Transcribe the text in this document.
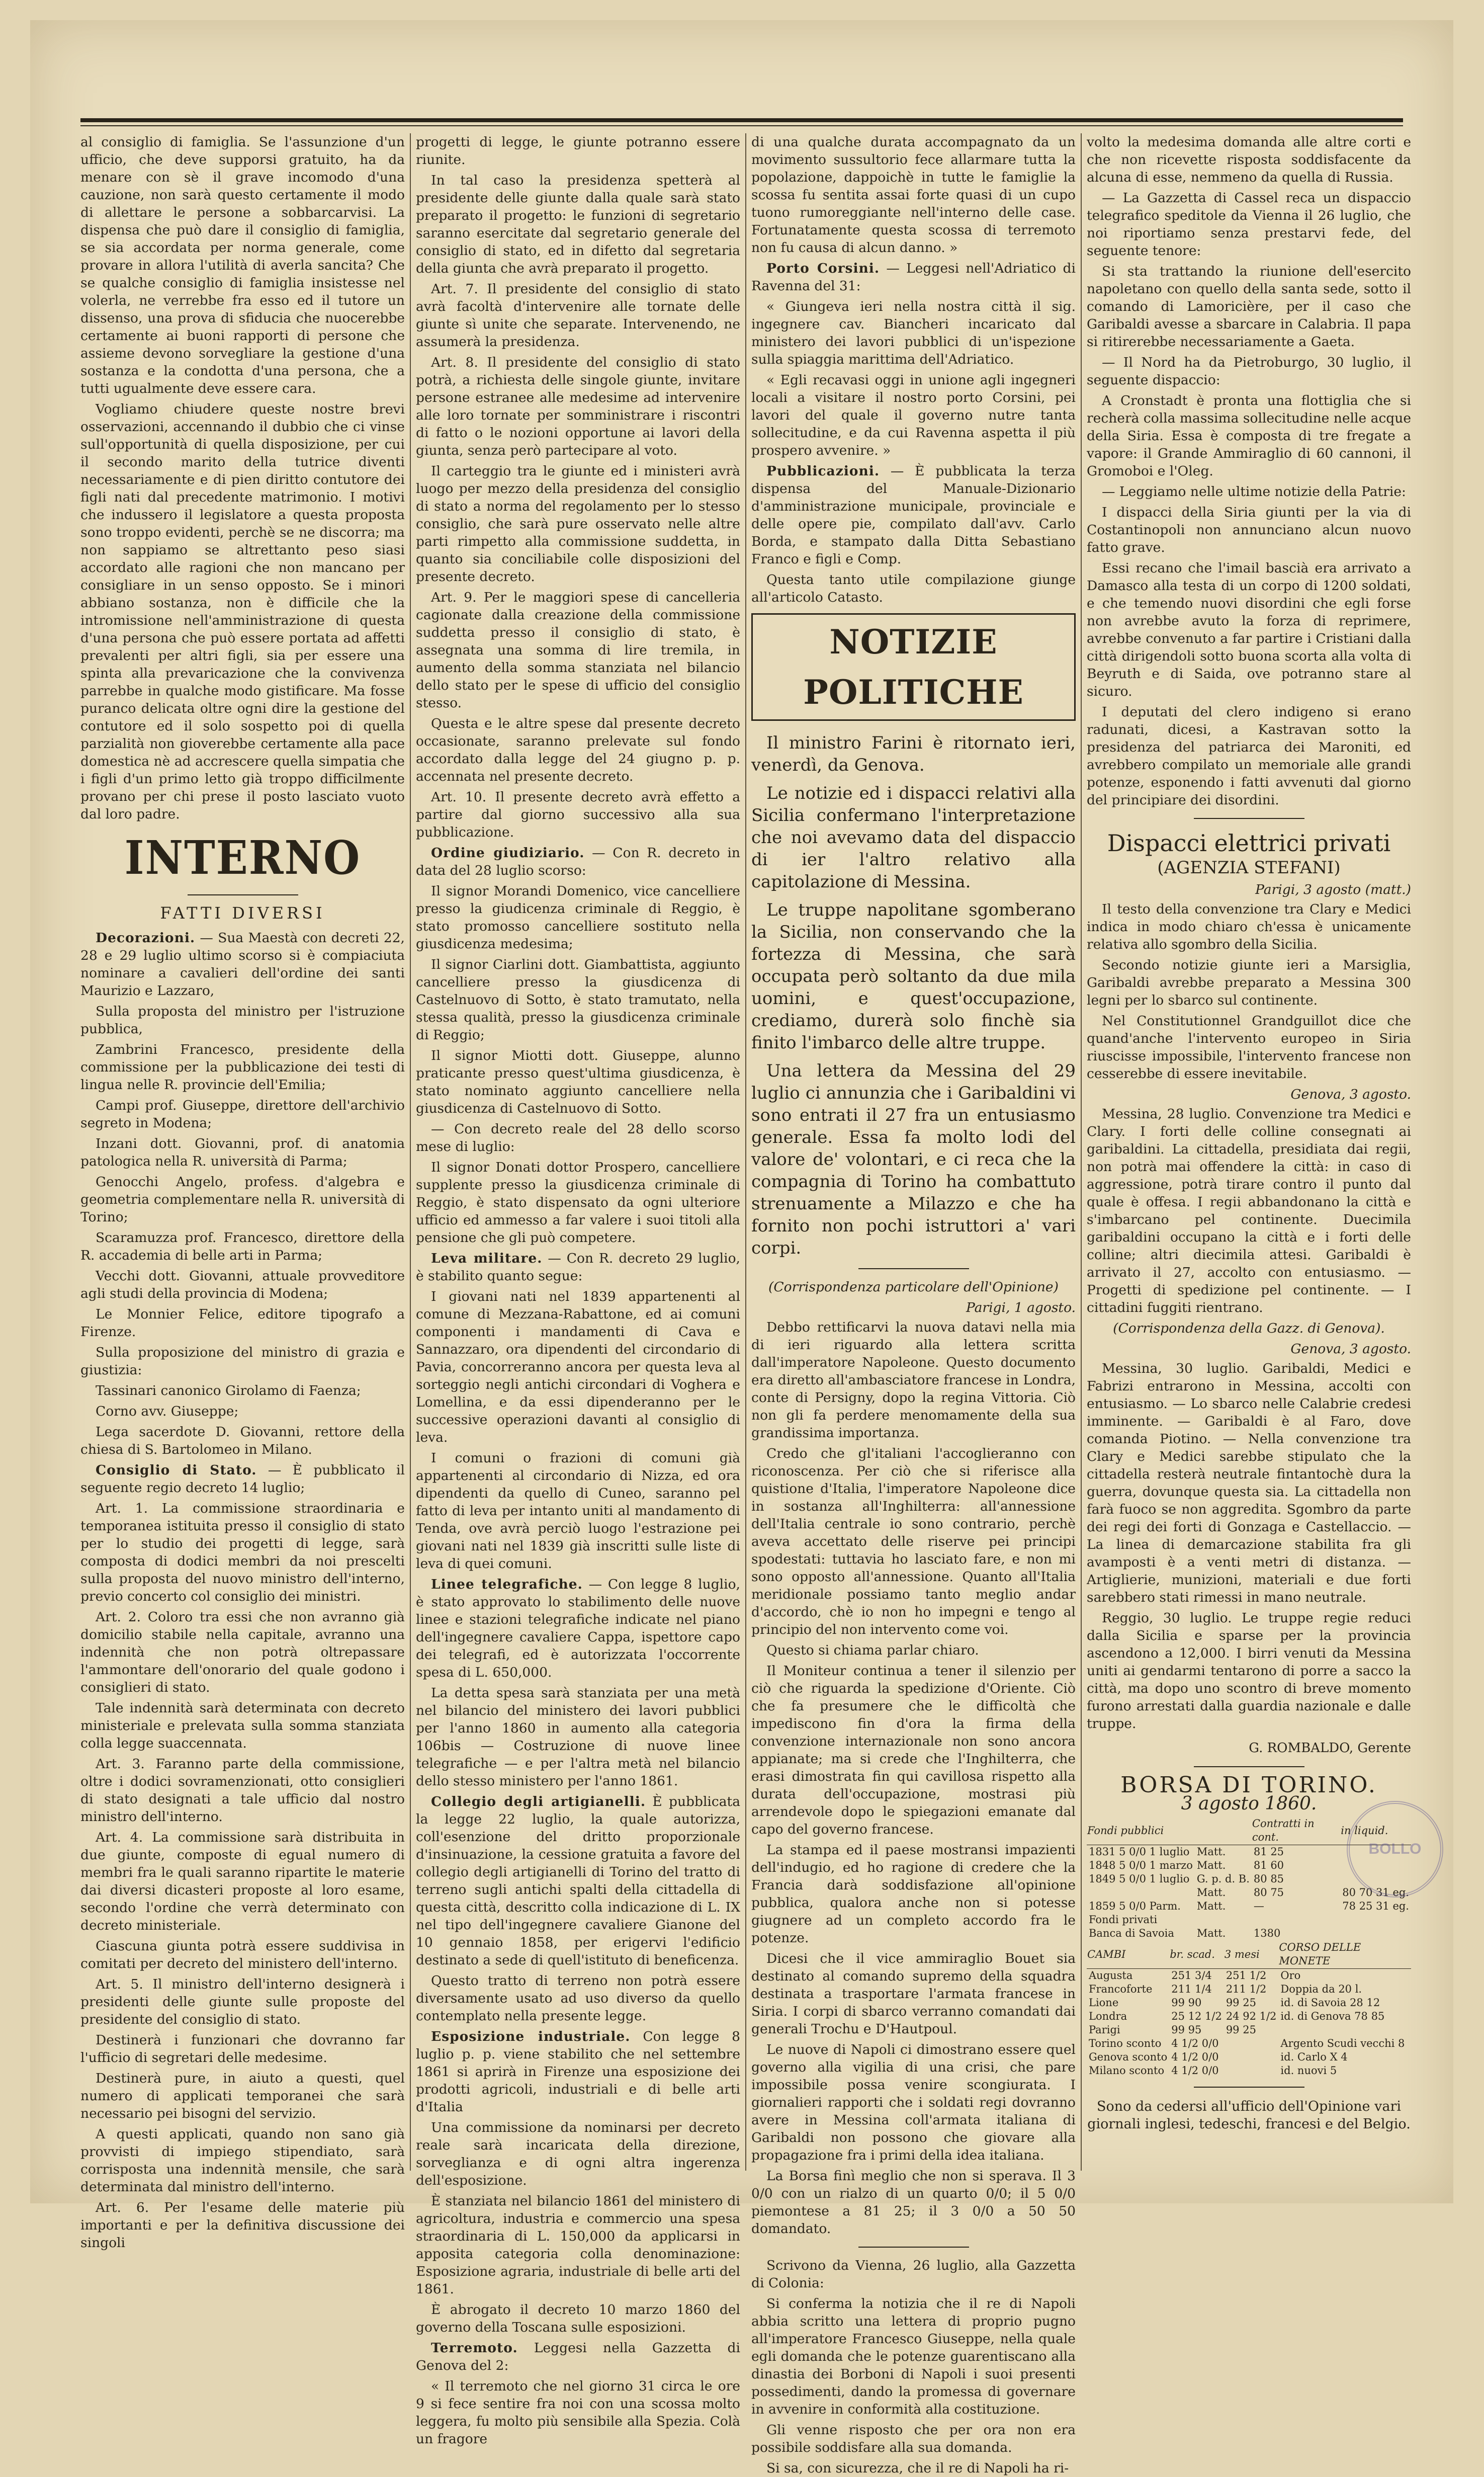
al consiglio di famiglia. Se l'assunzione d'un ufficio, che deve supporsi gratuito, ha da menare con sè il grave incomodo d'una cauzione, non sarà questo certamente il modo di allettare le persone a sobbarcarvisi. La dispensa che può dare il consiglio di famiglia, se sia accordata per norma generale, come provare in allora l'utilità di averla sancita? Che se qualche consiglio di famiglia insistesse nel volerla, ne verrebbe fra esso ed il tutore un dissenso, una prova di sfiducia che nuocerebbe certamente ai buoni rapporti di persone che assieme devono sorvegliare la gestione d'una sostanza e la condotta d'una persona, che a tutti ugualmente deve essere cara.

Vogliamo chiudere queste nostre brevi osservazioni, accennando il dubbio che ci vinse sull'opportunità di quella disposizione, per cui il secondo marito della tutrice diventi necessariamente e di pien diritto contutore dei figli nati dal precedente matrimonio. I motivi che indussero il legislatore a questa proposta sono troppo evidenti, perchè se ne discorra; ma non sappiamo se altrettanto peso siasi accordato alle ragioni che non mancano per consigliare in un senso opposto. Se i minori abbiano sostanza, non è difficile che la intromissione nell'amministrazione di questa d'una persona che può essere portata ad affetti prevalenti per altri figli, sia per essere una spinta alla prevaricazione che la convivenza parrebbe in qualche modo gistificare. Ma fosse puranco delicata oltre ogni dire la gestione del contutore ed il solo sospetto poi di quella parzialità non gioverebbe certamente alla pace domestica nè ad accrescere quella simpatia che i figli d'un primo letto già troppo difficilmente provano per chi prese il posto lasciato vuoto dal loro padre.

INTERNO
FATTI DIVERSI

Decorazioni. — Sua Maestà con decreti 22, 28 e 29 luglio ultimo scorso si è compiaciuta nominare a cavalieri dell'ordine dei santi Maurizio e Lazzaro,

Sulla proposta del ministro per l'istruzione pubblica,

Zambrini Francesco, presidente della commissione per la pubblicazione dei testi di lingua nelle R. provincie dell'Emilia;

Campi prof. Giuseppe, direttore dell'archivio segreto in Modena;

Inzani dott. Giovanni, prof. di anatomia patologica nella R. università di Parma;

Genocchi Angelo, profess. d'algebra e geometria complementare nella R. università di Torino;

Scaramuzza prof. Francesco, direttore della R. accademia di belle arti in Parma;

Vecchi dott. Giovanni, attuale provveditore agli studi della provincia di Modena;

Le Monnier Felice, editore tipografo a Firenze.

Sulla proposizione del ministro di grazia e giustizia:

Tassinari canonico Girolamo di Faenza;

Corno avv. Giuseppe;

Lega sacerdote D. Giovanni, rettore della chiesa di S. Bartolomeo in Milano.

Consiglio di Stato. — È pubblicato il seguente regio decreto 14 luglio;

Art. 1. La commissione straordinaria e temporanea istituita presso il consiglio di stato per lo studio dei progetti di legge, sarà composta di dodici membri da noi prescelti sulla proposta del nuovo ministro dell'interno, previo concerto col consiglio dei ministri.

Art. 2. Coloro tra essi che non avranno già domicilio stabile nella capitale, avranno una indennità che non potrà oltrepassare l'ammontare dell'onorario del quale godono i consiglieri di stato.

Tale indennità sarà determinata con decreto ministeriale e prelevata sulla somma stanziata colla legge suaccennata.

Art. 3. Faranno parte della commissione, oltre i dodici sovramenzionati, otto consiglieri di stato designati a tale ufficio dal nostro ministro dell'interno.

Art. 4. La commissione sarà distribuita in due giunte, composte di egual numero di membri fra le quali saranno ripartite le materie dai diversi dicasteri proposte al loro esame, secondo l'ordine che verrà determinato con decreto ministeriale.

Ciascuna giunta potrà essere suddivisa in comitati per decreto del ministero dell'interno.

Art. 5. Il ministro dell'interno designerà i presidenti delle giunte sulle proposte del presidente del consiglio di stato.

Destinerà i funzionari che dovranno far l'ufficio di segretari delle medesime.

Destinerà pure, in aiuto a questi, quel numero di applicati temporanei che sarà necessario pei bisogni del servizio.

A questi applicati, quando non sano già provvisti di impiego stipendiato, sarà corrisposta una indennità mensile, che sarà determinata dal ministro dell'interno.

Art. 6. Per l'esame delle materie più importanti e per la definitiva discussione dei singoli

progetti di legge, le giunte potranno essere riunite.

In tal caso la presidenza spetterà al presidente delle giunte dalla quale sarà stato preparato il progetto: le funzioni di segretario saranno esercitate dal segretario generale del consiglio di stato, ed in difetto dal segretaria della giunta che avrà preparato il progetto.

Art. 7. Il presidente del consiglio di stato avrà facoltà d'intervenire alle tornate delle giunte sì unite che separate. Intervenendo, ne assumerà la presidenza.

Art. 8. Il presidente del consiglio di stato potrà, a richiesta delle singole giunte, invitare persone estranee alle medesime ad intervenire alle loro tornate per somministrare i riscontri di fatto o le nozioni opportune ai lavori della giunta, senza però partecipare al voto.

Il carteggio tra le giunte ed i ministeri avrà luogo per mezzo della presidenza del consiglio di stato a norma del regolamento per lo stesso consiglio, che sarà pure osservato nelle altre parti rimpetto alla commissione suddetta, in quanto sia conciliabile colle disposizioni del presente decreto.

Art. 9. Per le maggiori spese di cancelleria cagionate dalla creazione della commissione suddetta presso il consiglio di stato, è assegnata una somma di lire tremila, in aumento della somma stanziata nel bilancio dello stato per le spese di ufficio del consiglio stesso.

Questa e le altre spese dal presente decreto occasionate, saranno prelevate sul fondo accordato dalla legge del 24 giugno p. p. accennata nel presente decreto.

Art. 10. Il presente decreto avrà effetto a partire dal giorno successivo alla sua pubblicazione.

Ordine giudiziario. — Con R. decreto in data del 28 luglio scorso:

Il signor Morandi Domenico, vice cancelliere presso la giudicenza criminale di Reggio, è stato promosso cancelliere sostituto nella giusdicenza medesima;

Il signor Ciarlini dott. Giambattista, aggiunto cancelliere presso la giusdicenza di Castelnuovo di Sotto, è stato tramutato, nella stessa qualità, presso la giusdicenza criminale di Reggio;

Il signor Miotti dott. Giuseppe, alunno praticante presso quest'ultima giusdicenza, è stato nominato aggiunto cancelliere nella giusdicenza di Castelnuovo di Sotto.

— Con decreto reale del 28 dello scorso mese di luglio:

Il signor Donati dottor Prospero, cancelliere supplente presso la giusdicenza criminale di Reggio, è stato dispensato da ogni ulteriore ufficio ed ammesso a far valere i suoi titoli alla pensione che gli può competere.

Leva militare. — Con R. decreto 29 luglio, è stabilito quanto segue:

I giovani nati nel 1839 appartenenti al comune di Mezzana-Rabattone, ed ai comuni componenti i mandamenti di Cava e Sannazzaro, ora dipendenti del circondario di Pavia, concorreranno ancora per questa leva al sorteggio negli antichi circondari di Voghera e Lomellina, e da essi dipenderanno per le successive operazioni davanti al consiglio di leva.

I comuni o frazioni di comuni già appartenenti al circondario di Nizza, ed ora dipendenti da quello di Cuneo, saranno pel fatto di leva per intanto uniti al mandamento di Tenda, ove avrà perciò luogo l'estrazione pei giovani nati nel 1839 già inscritti sulle liste di leva di quei comuni.

Linee telegrafiche. — Con legge 8 luglio, è stato approvato lo stabilimento delle nuove linee e stazioni telegrafiche indicate nel piano dell'ingegnere cavaliere Cappa, ispettore capo dei telegrafi, ed è autorizzata l'occorrente spesa di L. 650,000.

La detta spesa sarà stanziata per una metà nel bilancio del ministero dei lavori pubblici per l'anno 1860 in aumento alla categoria 106bis — Costruzione di nuove linee telegrafiche — e per l'altra metà nel bilancio dello stesso ministero per l'anno 1861.

Collegio degli artigianelli. È pubblicata la legge 22 luglio, la quale autorizza, coll'esenzione del dritto proporzionale d'insinuazione, la cessione gratuita a favore del collegio degli artigianelli di Torino del tratto di terreno sugli antichi spalti della cittadella di questa città, descritto colla indicazione di L. IX nel tipo dell'ingegnere cavaliere Gianone del 10 gennaio 1858, per erigervi l'edificio destinato a sede di quell'istituto di beneficenza.

Questo tratto di terreno non potrà essere diversamente usato ad uso diverso da quello contemplato nella presente legge.

Esposizione industriale. Con legge 8 luglio p. p. viene stabilito che nel settembre 1861 si aprirà in Firenze una esposizione dei prodotti agricoli, industriali e di belle arti d'Italia

Una commissione da nominarsi per decreto reale sarà incaricata della direzione, sorveglianza e di ogni altra ingerenza dell'esposizione.

È stanziata nel bilancio 1861 del ministero di agricoltura, industria e commercio una spesa straordinaria di L. 150,000 da applicarsi in apposita categoria colla denominazione: Esposizione agraria, industriale di belle arti del 1861.

È abrogato il decreto 10 marzo 1860 del governo della Toscana sulle esposizioni.

Terremoto. Leggesi nella Gazzetta di Genova del 2:

« Il terremoto che nel giorno 31 circa le ore 9 si fece sentire fra noi con una scossa molto leggera, fu molto più sensibile alla Spezia. Colà un fragore

di una qualche durata accompagnato da un movimento sussultorio fece allarmare tutta la popolazione, dappoichè in tutte le famiglie la scossa fu sentita assai forte quasi di un cupo tuono rumoreggiante nell'interno delle case. Fortunatamente questa scossa di terremoto non fu causa di alcun danno. »

Porto Corsini. — Leggesi nell'Adriatico di Ravenna del 31:

« Giungeva ieri nella nostra città il sig. ingegnere cav. Biancheri incaricato dal ministero dei lavori pubblici di un'ispezione sulla spiaggia marittima dell'Adriatico.

« Egli recavasi oggi in unione agli ingegneri locali a visitare il nostro porto Corsini, pei lavori del quale il governo nutre tanta sollecitudine, e da cui Ravenna aspetta il più prospero avvenire. »

Pubblicazioni. — È pubblicata la terza dispensa del Manuale-Dizionario d'amministrazione municipale, provinciale e delle opere pie, compilato dall'avv. Carlo Borda, e stampato dalla Ditta Sebastiano Franco e figli e Comp.

Questa tanto utile compilazione giunge all'articolo Catasto.

NOTIZIE POLITICHE

Il ministro Farini è ritornato ieri, venerdì, da Genova.

Le notizie ed i dispacci relativi alla Sicilia confermano l'interpretazione che noi avevamo data del dispaccio di ier l'altro relativo alla capitolazione di Messina.

Le truppe napolitane sgomberano la Sicilia, non conservando che la fortezza di Messina, che sarà occupata però soltanto da due mila uomini, e quest'occupazione, crediamo, durerà solo finchè sia finito l'imbarco delle altre truppe.

Una lettera da Messina del 29 luglio ci annunzia che i Garibaldini vi sono entrati il 27 fra un entusiasmo generale. Essa fa molto lodi del valore de' volontari, e ci reca che la compagnia di Torino ha combattuto strenuamente a Milazzo e che ha fornito non pochi istruttori a' vari corpi.

(Corrispondenza particolare dell'Opinione)
Parigi, 1 agosto.

Debbo rettificarvi la nuova datavi nella mia di ieri riguardo alla lettera scritta dall'imperatore Napoleone. Questo documento era diretto all'ambasciatore francese in Londra, conte di Persigny, dopo la regina Vittoria. Ciò non gli fa perdere menomamente della sua grandissima importanza.

Credo che gl'italiani l'accoglieranno con riconoscenza. Per ciò che si riferisce alla quistione d'Italia, l'imperatore Napoleone dice in sostanza all'Inghilterra: all'annessione dell'Italia centrale io sono contrario, perchè aveva accettato delle riserve pei principi spodestati: tuttavia ho lasciato fare, e non mi sono opposto all'annessione. Quanto all'Italia meridionale possiamo tanto meglio andar d'accordo, chè io non ho impegni e tengo al principio del non intervento come voi.

Questo si chiama parlar chiaro.

Il Moniteur continua a tener il silenzio per ciò che riguarda la spedizione d'Oriente. Ciò che fa presumere che le difficoltà che impediscono fin d'ora la firma della convenzione internazionale non sono ancora appianate; ma si crede che l'Inghilterra, che erasi dimostrata fin qui cavillosa rispetto alla durata dell'occupazione, mostrasi più arrendevole dopo le spiegazioni emanate dal capo del governo francese.

La stampa ed il paese mostransi impazienti dell'indugio, ed ho ragione di credere che la Francia darà soddisfazione all'opinione pubblica, qualora anche non si potesse giugnere ad un completo accordo fra le potenze.

Dicesi che il vice ammiraglio Bouet sia destinato al comando supremo della squadra destinata a trasportare l'armata francese in Siria. I corpi di sbarco verranno comandati dai generali Trochu e D'Hautpoul.

Le nuove di Napoli ci dimostrano essere quel governo alla vigilia di una crisi, che pare impossibile possa venire scongiurata. I giornalieri rapporti che i soldati regi dovranno avere in Messina coll'armata italiana di Garibaldi non possono che giovare alla propagazione fra i primi della idea italiana.

La Borsa finì meglio che non si sperava. Il 3 0/0 con un rialzo di un quarto 0/0; il 5 0/0 piemontese a 81 25; il 3 0/0 a 50 50 domandato.

Scrivono da Vienna, 26 luglio, alla Gazzetta di Colonia:

Si conferma la notizia che il re di Napoli abbia scritto una lettera di proprio pugno all'imperatore Francesco Giuseppe, nella quale egli domanda che le potenze guarentiscano alla dinastia dei Borboni di Napoli i suoi presenti possedimenti, dando la promessa di governare in avvenire in conformità alla costituzione.

Gli venne risposto che per ora non era possibile soddisfare alla sua domanda.

Si sa, con sicurezza, che il re di Napoli ha ri-

volto la medesima domanda alle altre corti e che non ricevette risposta soddisfacente da alcuna di esse, nemmeno da quella di Russia.

— La Gazzetta di Cassel reca un dispaccio telegrafico speditole da Vienna il 26 luglio, che noi riportiamo senza prestarvi fede, del seguente tenore:

Si sta trattando la riunione dell'esercito napoletano con quello della santa sede, sotto il comando di Lamoricière, per il caso che Garibaldi avesse a sbarcare in Calabria. Il papa si ritirerebbe necessariamente a Gaeta.

— Il Nord ha da Pietroburgo, 30 luglio, il seguente dispaccio:

A Cronstadt è pronta una flottiglia che si recherà colla massima sollecitudine nelle acque della Siria. Essa è composta di tre fregate a vapore: il Grande Ammiraglio di 60 cannoni, il Gromoboi e l'Oleg.

— Leggiamo nelle ultime notizie della Patrie:

I dispacci della Siria giunti per la via di Costantinopoli non annunciano alcun nuovo fatto grave.

Essi recano che l'imail bascià era arrivato a Damasco alla testa di un corpo di 1200 soldati, e che temendo nuovi disordini che egli forse non avrebbe avuto la forza di reprimere, avrebbe convenuto a far partire i Cristiani dalla città dirigendoli sotto buona scorta alla volta di Beyruth e di Saida, ove potranno stare al sicuro.

I deputati del clero indigeno si erano radunati, dicesi, a Kastravan sotto la presidenza del patriarca dei Maroniti, ed avrebbero compilato un memoriale alle grandi potenze, esponendo i fatti avvenuti dal giorno del principiare dei disordini.

Dispacci elettrici privati
(AGENZIA STEFANI)
Parigi, 3 agosto (matt.)

Il testo della convenzione tra Clary e Medici indica in modo chiaro ch'essa è unicamente relativa allo sgombro della Sicilia.

Secondo notizie giunte ieri a Marsiglia, Garibaldi avrebbe preparato a Messina 300 legni per lo sbarco sul continente.

Nel Constitutionnel Grandguillot dice che quand'anche l'intervento europeo in Siria riuscisse impossibile, l'intervento francese non cesserebbe di essere inevitabile.

Genova, 3 agosto.

Messina, 28 luglio. Convenzione tra Medici e Clary. I forti delle colline consegnati ai garibaldini. La cittadella, presidiata dai regii, non potrà mai offendere la città: in caso di aggressione, potrà tirare contro il punto dal quale è offesa. I regii abbandonano la città e s'imbarcano pel continente. Duecimila garibaldini occupano la città e i forti delle colline; altri diecimila attesi. Garibaldi è arrivato il 27, accolto con entusiasmo. — Progetti di spedizione pel continente. — I cittadini fuggiti rientrano.

(Corrispondenza della Gazz. di Genova).
Genova, 3 agosto.

Messina, 30 luglio. Garibaldi, Medici e Fabrizi entrarono in Messina, accolti con entusiasmo. — Lo sbarco nelle Calabrie credesi imminente. — Garibaldi è al Faro, dove comanda Piotino. — Nella convenzione tra Clary e Medici sarebbe stipulato che la cittadella resterà neutrale fintantochè dura la guerra, dovunque questa sia. La cittadella non farà fuoco se non aggredita. Sgombro da parte dei regi dei forti di Gonzaga e Castellaccio. — La linea di demarcazione stabilita fra gli avamposti è a venti metri di distanza. — Artiglierie, munizioni, materiali e due forti sarebbero stati rimessi in mano neutrale.

Reggio, 30 luglio. Le truppe regie reduci dalla Sicilia e sparse per la provincia ascendono a 12,000. I birri venuti da Messina uniti ai gendarmi tentarono di porre a sacco la città, ma dopo uno scontro di breve momento furono arrestati dalla guardia nazionale e dalle truppe.

G. ROMBALDO, Gerente
BORSA DI TORINO.
3 agosto 1860.
Fondi pubblici		Contratti in cont.	in liquid.
1831 5 0/0 1 luglio	Matt.	81 25	
1848 5 0/0 1 marzo	Matt.	81 60	
1849 5 0/0 1 luglio	G. p. d. B.	80 85	
	Matt.	80 75	80 70 31 eg.
1859 5 0/0 Parm.	Matt.	—	78 25 31 eg.
Fondi privati			
Banca di Savoia	Matt.	1380	
CAMBI	br. scad.	3 mesi	CORSO DELLE MONETE
Augusta	251 3/4	251 1/2	Oro
Francoforte	211 1/4	211 1/2	Doppia da 20 l.
Lione	99 90	99 25	id. di Savoia 28 12
Londra	25 12 1/2	24 92 1/2	id. di Genova 78 85
Parigi	99 95	99 25	
Torino sconto	4 1/2 0/0		Argento Scudi vecchi 8
Genova sconto	4 1/2 0/0		id. Carlo X 4
Milano sconto	4 1/2 0/0		id. nuovi 5
Sono da cedersi all'ufficio dell'Opinione vari giornali inglesi, tedeschi, francesi e del Belgio.
BOLLO
